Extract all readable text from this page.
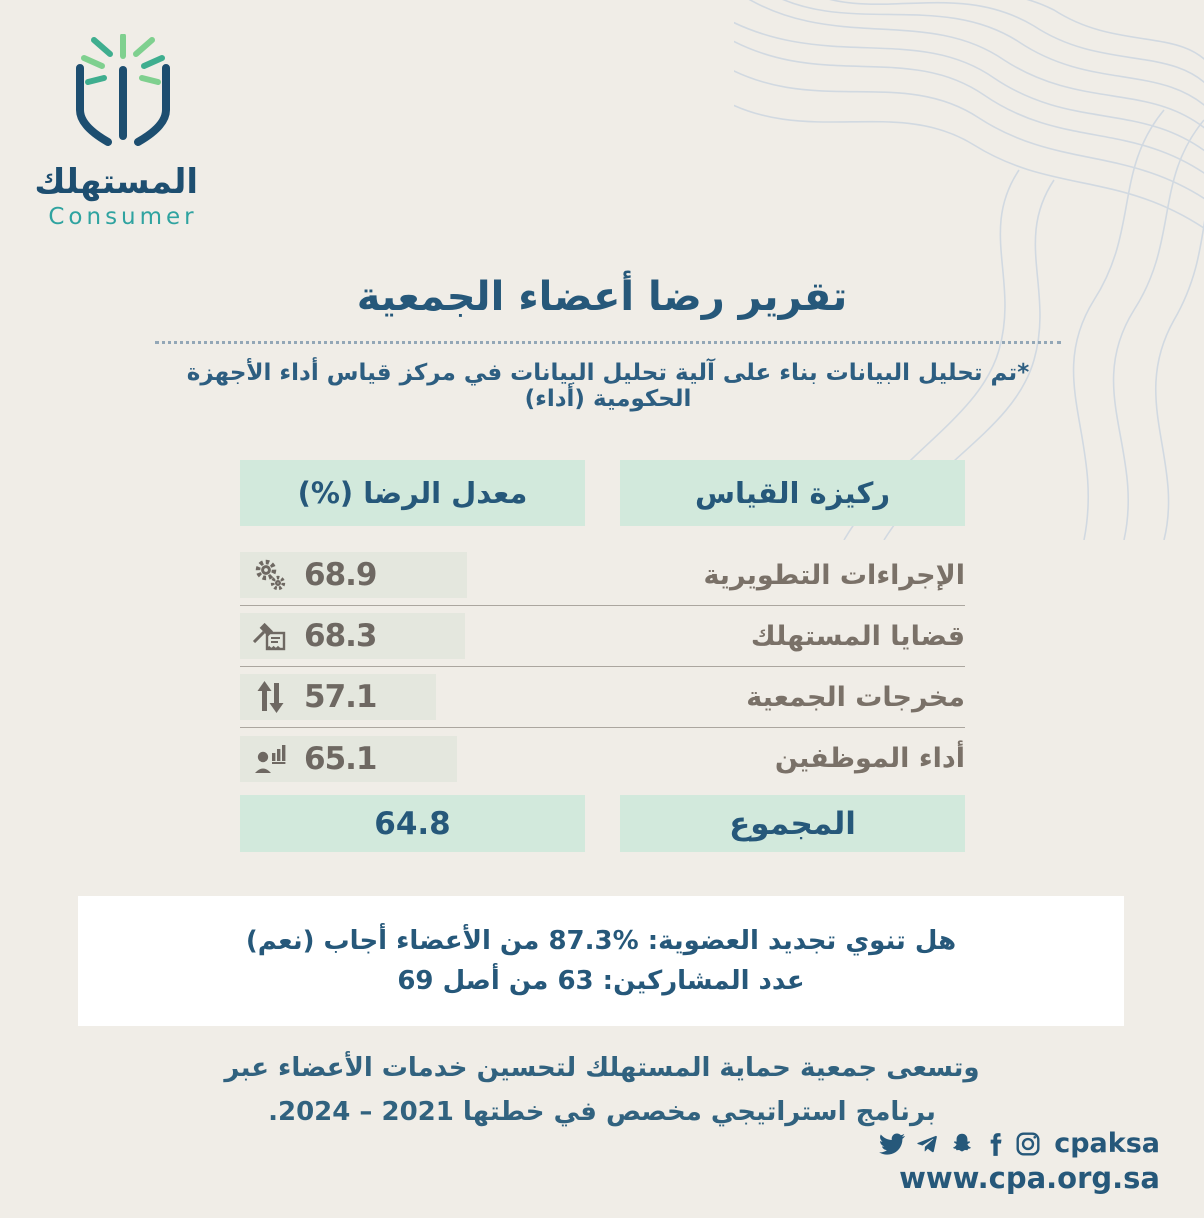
المستهلك
Consumer
تقرير رضا أعضاء الجمعية
*تم تحليل البيانات بناء على آلية تحليل البيانات في مركز قياس أداء الأجهزة الحكومية (أداء)
ركيزة القياس
معدل الرضا (%)
الإجراءات التطويرية
68.9
قضايا المستهلك
68.3
مخرجات الجمعية
57.1
أداء الموظفين
65.1
المجموع
64.8
هل تنوي تجديد العضوية: %87.3 من الأعضاء أجاب (نعم)
عدد المشاركين: 63 من أصل 69
وتسعى جمعية حماية المستهلك لتحسين خدمات الأعضاء عبر
برنامج استراتيجي مخصص في خطتها 2021 – 2024.
cpaksa
www.cpa.org.sa
